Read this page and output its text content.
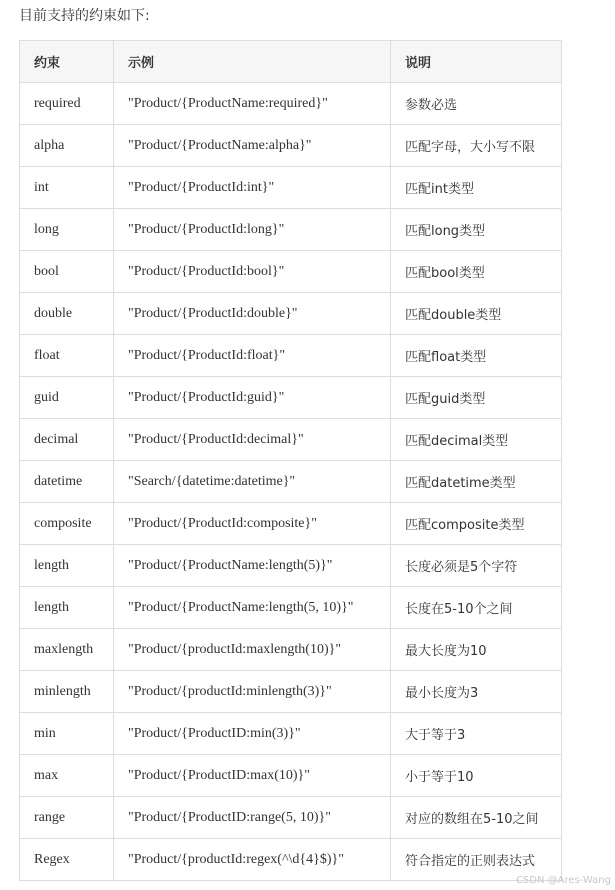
目前支持的约束如下:
约束	示例	说明
required	"Product/{ProductName:required}"	参数必选
alpha	"Product/{ProductName:alpha}"	匹配字母，大小写不限
int	"Product/{ProductId:int}"	匹配int类型
long	"Product/{ProductId:long}"	匹配long类型
bool	"Product/{ProductId:bool}"	匹配bool类型
double	"Product/{ProductId:double}"	匹配double类型
float	"Product/{ProductId:float}"	匹配float类型
guid	"Product/{ProductId:guid}"	匹配guid类型
decimal	"Product/{ProductId:decimal}"	匹配decimal类型
datetime	"Search/{datetime:datetime}"	匹配datetime类型
composite	"Product/{ProductId:composite}"	匹配composite类型
length	"Product/{ProductName:length(5)}"	长度必须是5个字符
length	"Product/{ProductName:length(5, 10)}"	长度在5-10个之间
maxlength	"Product/{productId:maxlength(10)}"	最大长度为10
minlength	"Product/{productId:minlength(3)}"	最小长度为3
min	"Product/{ProductID:min(3)}"	大于等于3
max	"Product/{ProductID:max(10)}"	小于等于10
range	"Product/{ProductID:range(5, 10)}"	对应的数组在5-10之间
Regex	"Product/{productId:regex(^\d{4}$)}"	符合指定的正则表达式
CSDN @Ares-Wang
